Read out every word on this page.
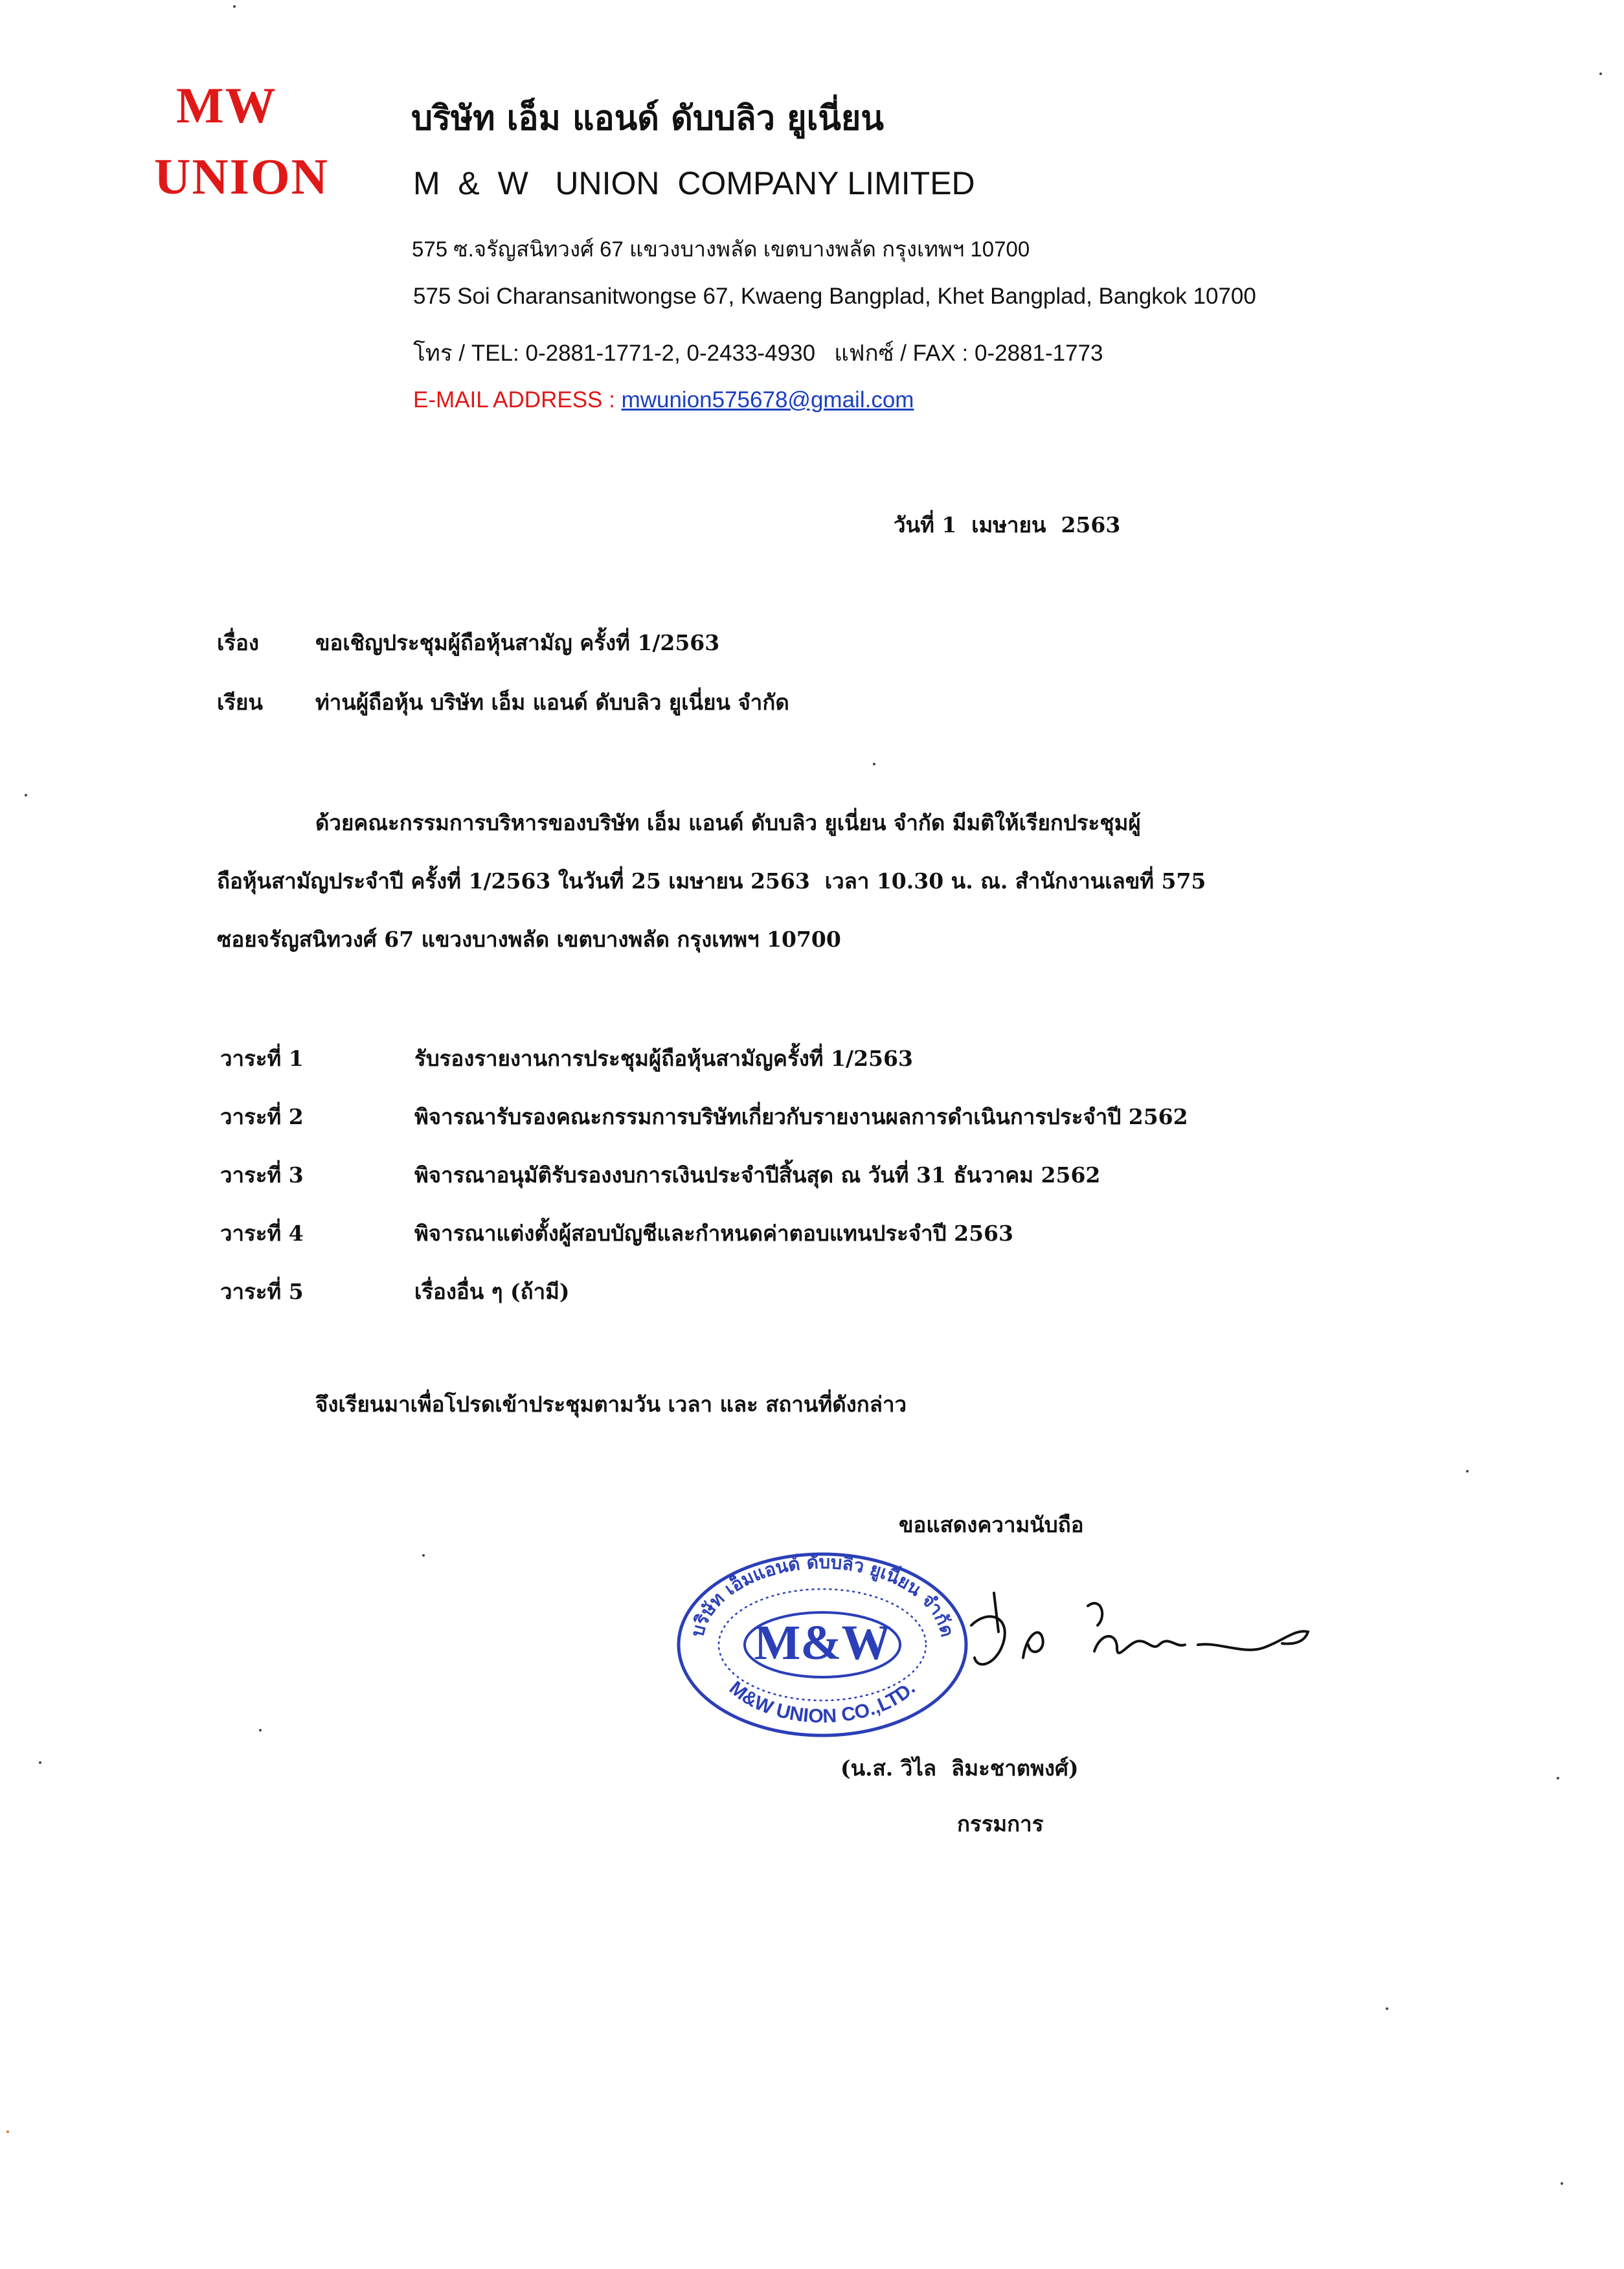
MW
UNION
บริษัท เอ็ม แอนด์ ดับบลิว ยูเนี่ยน
M  &  W   UNION  COMPANY LIMITED
575 ซ.จรัญสนิทวงศ์ 67 แขวงบางพลัด เขตบางพลัด กรุงเทพฯ 10700
575 Soi Charansanitwongse 67, Kwaeng Bangplad, Khet Bangplad, Bangkok 10700
โทร / TEL: 0-2881-1771-2, 0-2433-4930   แฟกซ์ / FAX : 0-2881-1773
E-MAIL ADDRESS : mwunion575678@gmail.com
วันที่ 1  เมษายน  2563
เรื่อง	ขอเชิญประชุมผู้ถือหุ้นสามัญ ครั้งที่ 1/2563
เรียน ท่านผู้ถือหุ้น บริษัท เอ็ม แอนด์ ดับบลิว ยูเนี่ยน จำกัด
ด้วยคณะกรรมการบริหารของบริษัท เอ็ม แอนด์ ดับบลิว ยูเนี่ยน จำกัด มีมติให้เรียกประชุมผู้
ถือหุ้นสามัญประจำปี ครั้งที่ 1/2563 ในวันที่ 25 เมษายน 2563  เวลา 10.30 น. ณ. สำนักงานเลขที่ 575
ซอยจรัญสนิทวงศ์ 67 แขวงบางพลัด เขตบางพลัด กรุงเทพฯ 10700
วาระที่ 1	รับรองรายงานการประชุมผู้ถือหุ้นสามัญครั้งที่ 1/2563
วาระที่ 2	พิจารณารับรองคณะกรรมการบริษัทเกี่ยวกับรายงานผลการดำเนินการประจำปี 2562
วาระที่ 3	พิจารณาอนุมัติรับรองงบการเงินประจำปีสิ้นสุด ณ วันที่ 31 ธันวาคม 2562
วาระที่ 4	พิจารณาแต่งตั้งผู้สอบบัญชีและกำหนดค่าตอบแทนประจำปี 2563
วาระที่ 5	เรื่องอื่น ๆ (ถ้ามี)
จึงเรียนมาเพื่อโปรดเข้าประชุมตามวัน เวลา และ สถานที่ดังกล่าว
ขอแสดงความนับถือ
บริษัท เอ็มแอนด์ ดับบลิว ยูเนี่ยน จำกัด
M&W
M&W UNION CO.,LTD.
(น.ส. วิไล  ลิมะชาตพงศ์)
กรรมการ
